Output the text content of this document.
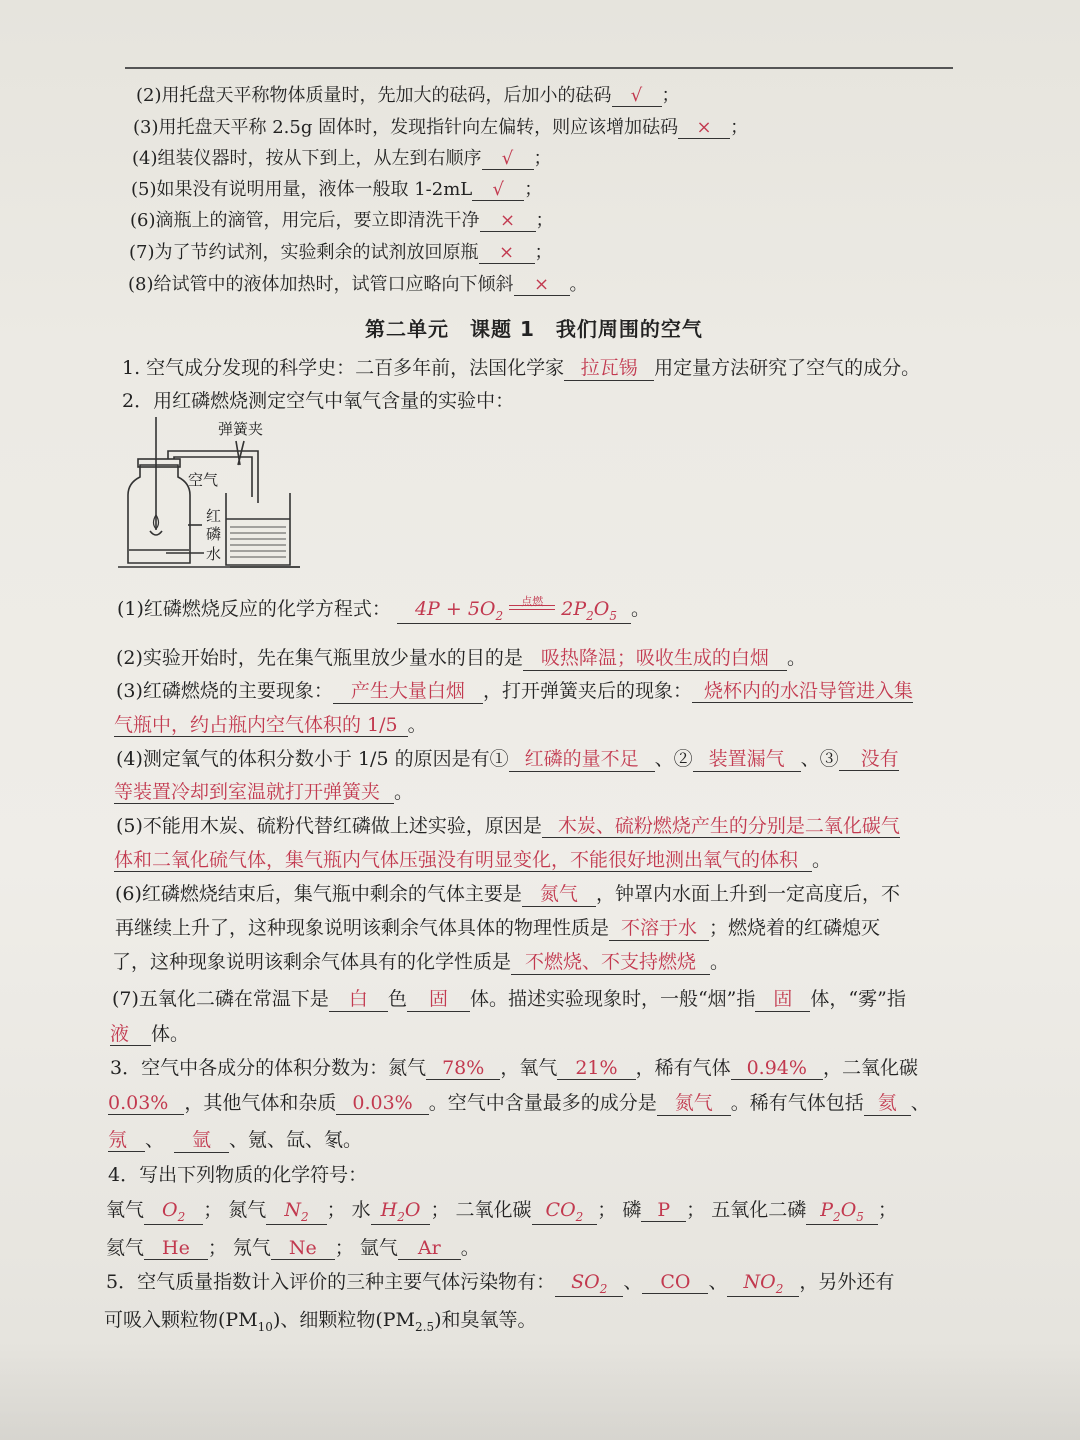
(2)用托盘天平称物体质量时，先加大的砝码，后加小的砝码 √ ；
(3)用托盘天平称 2.5g 固体时，发现指针向左偏转，则应该增加砝码 × ；
(4)组装仪器时，按从下到上，从左到右顺序 √ ；
(5)如果没有说明用量，液体一般取 1-2mL √ ；
(6)滴瓶上的滴管，用完后，要立即清洗干净 × ；
(7)为了节约试剂，实验剩余的试剂放回原瓶 × ；
(8)给试管中的液体加热时，试管口应略向下倾斜 × 。
第二单元　课题 1　我们周围的空气
1. 空气成分发现的科学史：二百多年前，法国化学家 拉瓦锡 用定量方法研究了空气的成分。
2．用红磷燃烧测定空气中氧气含量的实验中：
弹簧夹
空气
红
磷
水
(1)红磷燃烧反应的化学方程式： $4P + 5O_2$
点燃 $2P_2O_5$ 。
(2)实验开始时，先在集气瓶里放少量水的目的是 吸热降温；吸收生成的白烟 。
(3)红磷燃烧的主要现象： 产生大量白烟 ，打开弹簧夹后的现象： 烧杯内的水沿导管进入集
气瓶中，约占瓶内空气体积的 1/5 。
(4)测定氧气的体积分数小于 1/5 的原因是有① 红磷的量不足 、② 装置漏气 、③ 没有
等装置冷却到室温就打开弹簧夹 。
(5)不能用木炭、硫粉代替红磷做上述实验，原因是 木炭、硫粉燃烧产生的分别是二氧化碳气
体和二氧化硫气体，集气瓶内气体压强没有明显变化，不能很好地测出氧气的体积 。
(6)红磷燃烧结束后，集气瓶中剩余的气体主要是 氮气 ，钟罩内水面上升到一定高度后，不
再继续上升了，这种现象说明该剩余气体具体的物理性质是 不溶于水 ；燃烧着的红磷熄灭
了，这种现象说明该剩余气体具有的化学性质是 不燃烧、不支持燃烧 。
(7)五氧化二磷在常温下是 白 色 固 体。描述实验现象时，一般“烟”指 固 体，“雾”指
液 体。
3．空气中各成分的体积分数为：氮气 78% ，氧气 21% ，稀有气体 0.94% ，二氧化碳
0.03% ，其他气体和杂质 0.03% 。空气中含量最多的成分是 氮气 。稀有气体包括 氦 、
氖 、 氩 、氪、氙、氡。
4．写出下列物质的化学符号：
氧气 $O_2$ ； 氮气 $N_2$ ； 水 $H_2O$ ； 二氧化碳 $CO_2$ ； 磷 P ； 五氧化二磷 $P_2O_5$ ；
氦气 He ； 氖气 Ne ； 氩气 Ar 。
5．空气质量指数计入评价的三种主要气体污染物有： $SO_2$ 、 CO 、 $NO_2$ ，另外还有
可吸入颗粒物$(PM_{10})$、细颗粒物$(PM_{2.5})$和臭氧等。
